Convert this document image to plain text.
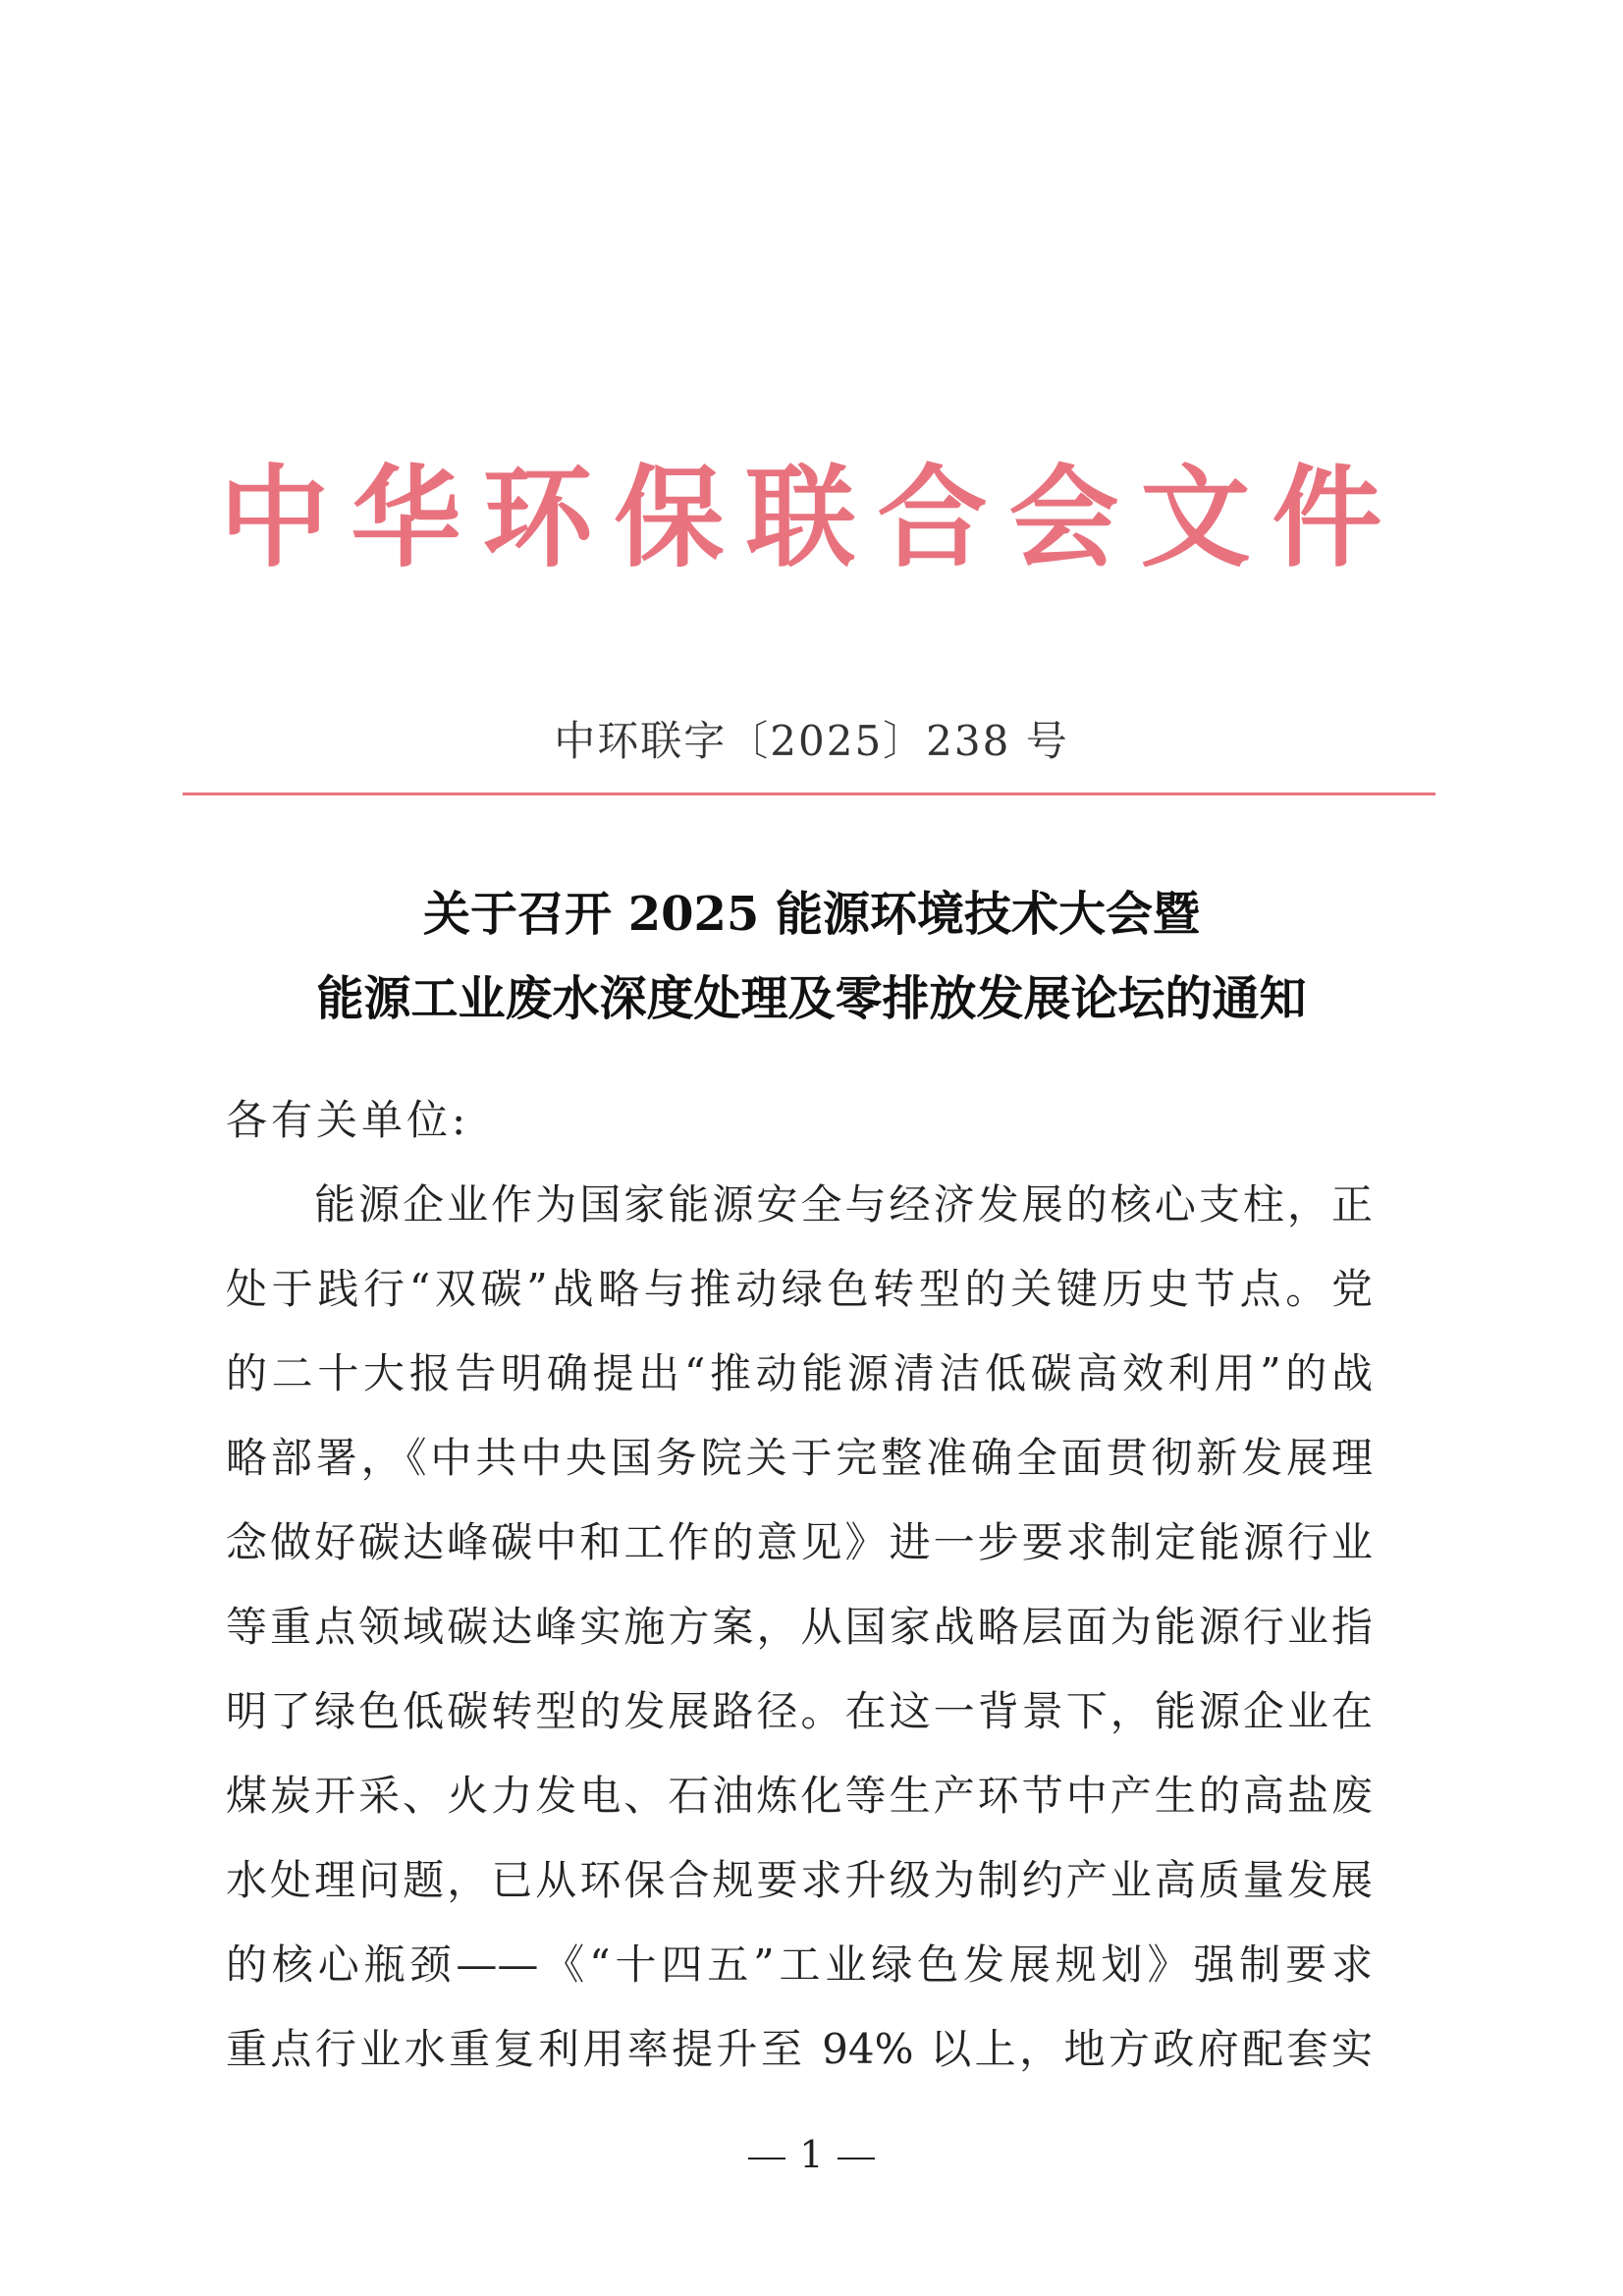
中华环保联合会文件
中环联字〔2025〕238 号
关于召开 2025 能源环境技术大会暨
能源工业废水深度处理及零排放发展论坛的通知
各有关单位:
能源企业作为国家能源安全与经济发展的核心支柱，正
处于践行“双碳”战略与推动绿色转型的关键历史节点。党
的二十大报告明确提出“推动能源清洁低碳高效利用”的战
略部署，《中共中央国务院关于完整准确全面贯彻新发展理
念做好碳达峰碳中和工作的意见》进一步要求制定能源行业
等重点领域碳达峰实施方案，从国家战略层面为能源行业指
明了绿色低碳转型的发展路径。在这一背景下，能源企业在
煤炭开采、火力发电、石油炼化等生产环节中产生的高盐废
水处理问题，已从环保合规要求升级为制约产业高质量发展
的核心瓶颈——《“十四五”工业绿色发展规划》强制要求
重点行业水重复利用率提升至 94% 以上，地方政府配套实
1
